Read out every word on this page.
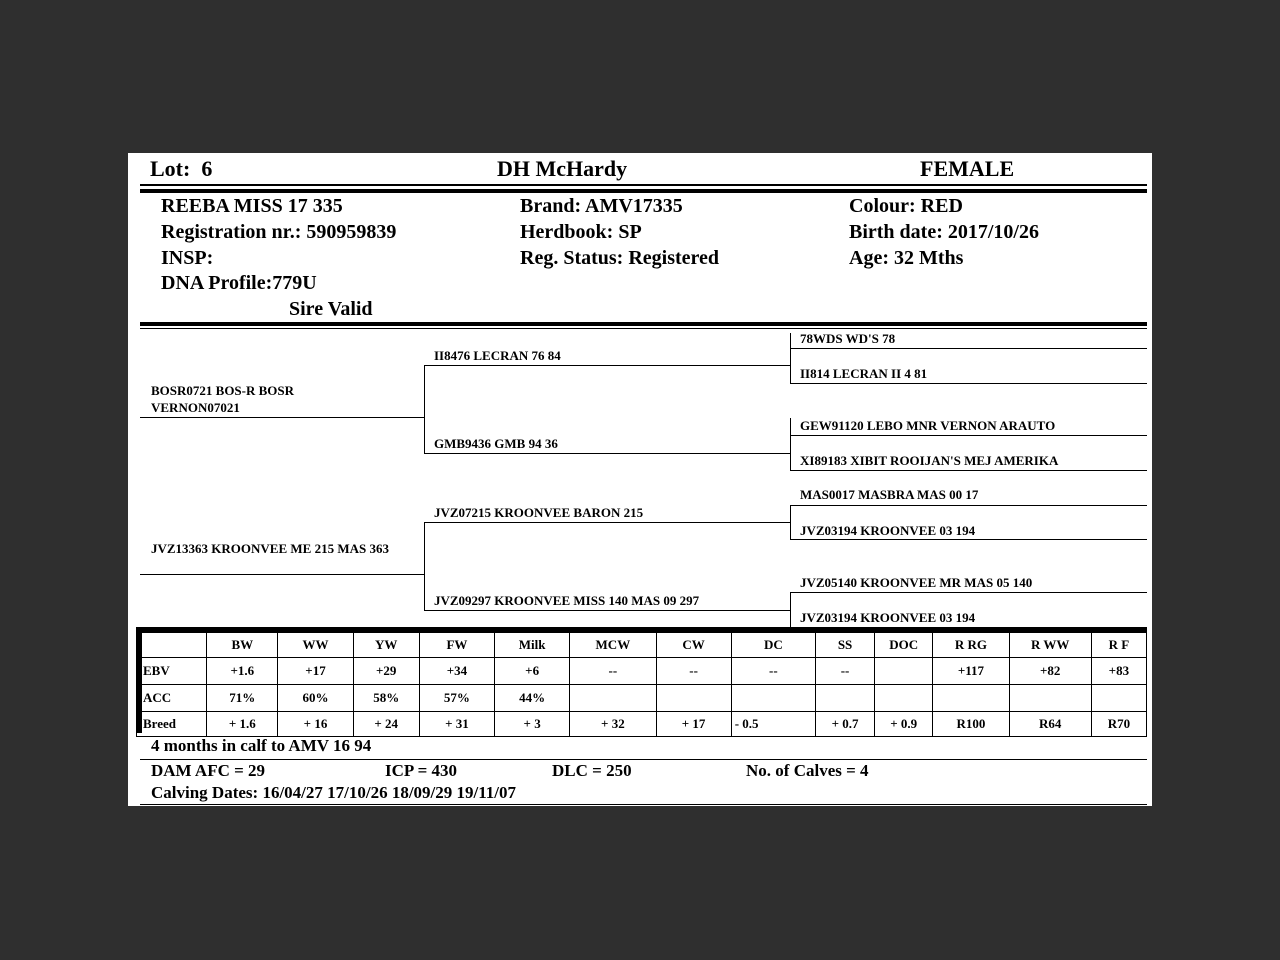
Lot: 6	DH McHardy	FEMALE
REEBA MISS 17 335
Registration nr.: 590959839
INSP:
DNA Profile:779U
Sire Valid
Brand: AMV17335
Herdbook: SP
Reg. Status: Registered
Colour: RED
Birth date: 2017/10/26
Age: 32 Mths
BOSR0721 BOS-R BOSR VERNON07021
JVZ13363 KROONVEE ME 215 MAS 363
II8476 LECRAN 76 84
GMB9436 GMB 94 36
JVZ07215 KROONVEE BARON 215
JVZ09297 KROONVEE MISS 140 MAS 09 297
78WDS WD'S 78
II814 LECRAN II 4 81
GEW91120 LEBO MNR VERNON ARAUTO
XI89183 XIBIT ROOIJAN'S MEJ AMERIKA
MAS0017 MASBRA MAS 00 17
JVZ03194 KROONVEE 03 194
JVZ05140 KROONVEE MR MAS 05 140
JVZ03194 KROONVEE 03 194
	BW	WW	YW	FW	Milk	MCW	CW	DC	SS	DOC	R RG	R WW	R F
EBV	+1.6	+17	+29	+34	+6	--	--	--	--		+117	+82	+83
ACC	71%	60%	58%	57%	44%								
Breed	+ 1.6	+ 16	+ 24	+ 31	+ 3	+ 32	+ 17	- 0.5	+ 0.7	+ 0.9	R100	R64	R70
4 months in calf to AMV 16 94
DAM AFC = 29	ICP = 430	DLC = 250	No. of Calves = 4
Calving Dates: 16/04/27 17/10/26 18/09/29 19/11/07
